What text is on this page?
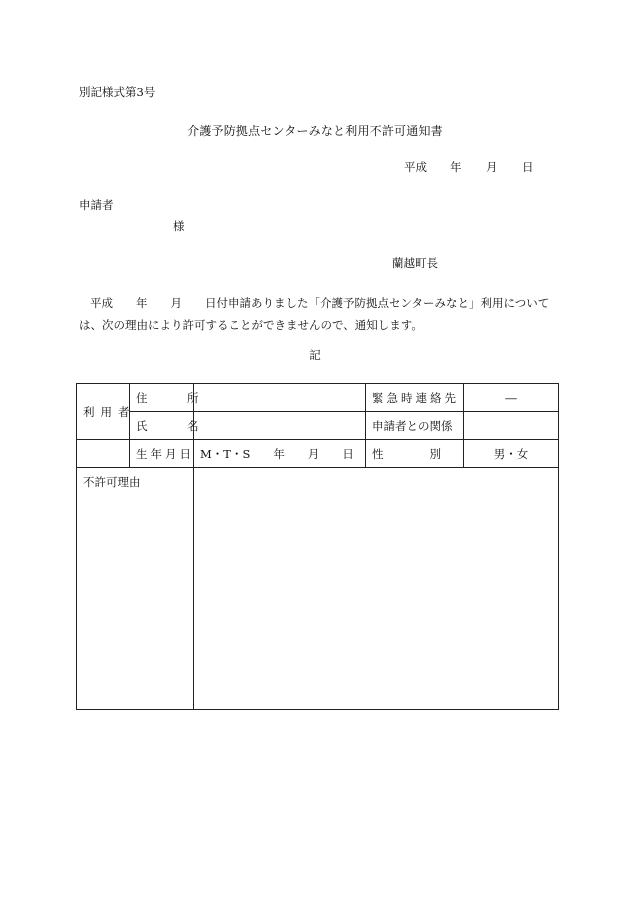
別記様式第3号
介護予防拠点センターみなと利用不許可通知書
平成	年	月	日
申請者
様
蘭越町長
平成　　年　　月　　日付申請ありました「介護予防拠点センターみなと」利用について
は、次の理由により許可することができませんので、通知します。
記
利用者	住　所		緊急時連絡先	―
	氏　名		申請者との関係	
	生年月日	M・T・S　　年　　月　　日	性　　　　別	男・女
不許可理由				
